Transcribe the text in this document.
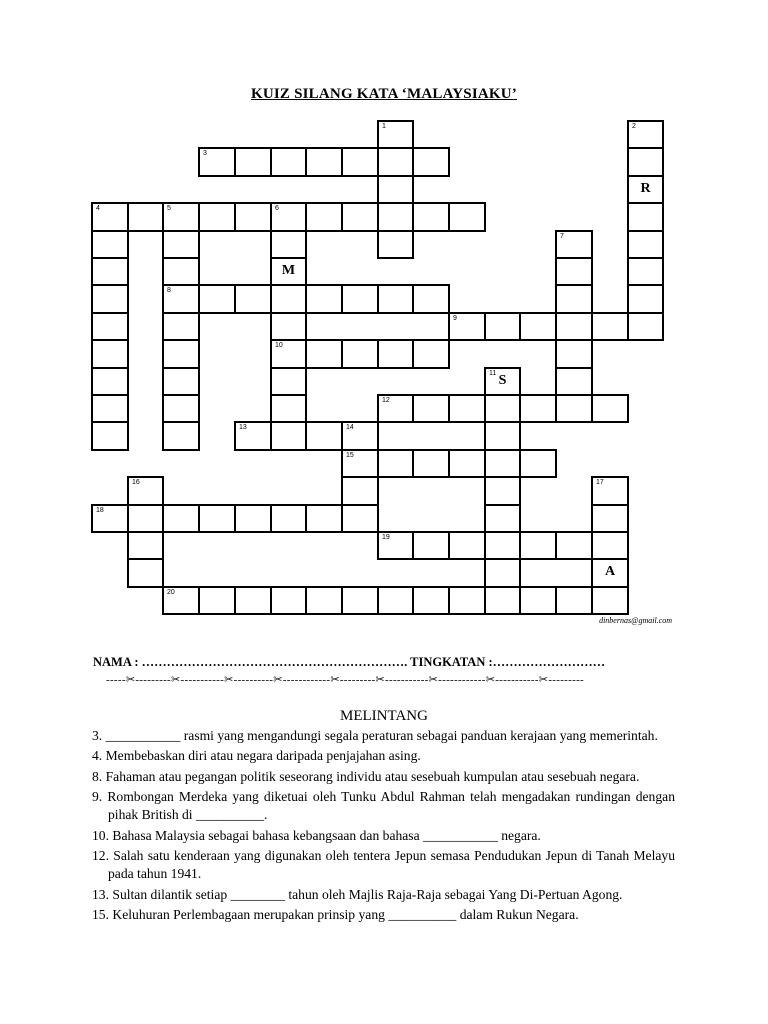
KUIZ SILANG KATA ‘MALAYSIAKU’
1	2
3
R
4	5	6
7
M
8
9
10
11 S
12
13	14
15
16	17
18
19
A
20
dinbernas@gmail.com
NAMA : ………………………………………………………. TINGKATAN :………………………
-----✂---------✂-----------✂----------✂------------✂---------✂-----------✂------------✂-----------✂---------
MELINTANG

3. ___________ rasmi yang mengandungi segala peraturan sebagai panduan kerajaan yang memerintah.

4. Membebaskan diri atau negara daripada penjajahan asing.

8. Fahaman atau pegangan politik seseorang individu atau sesebuah kumpulan atau sesebuah negara.

9. Rombongan Merdeka yang diketuai oleh Tunku Abdul Rahman telah mengadakan rundingan dengan pihak British di __________.

10. Bahasa Malaysia sebagai bahasa kebangsaan dan bahasa ___________ negara.

12. Salah satu kenderaan yang digunakan oleh tentera Jepun semasa Pendudukan Jepun di Tanah Melayu pada tahun 1941.

13. Sultan dilantik setiap ________ tahun oleh Majlis Raja-Raja sebagai Yang Di-Pertuan Agong.

15. Keluhuran Perlembagaan merupakan prinsip yang __________ dalam Rukun Negara.
